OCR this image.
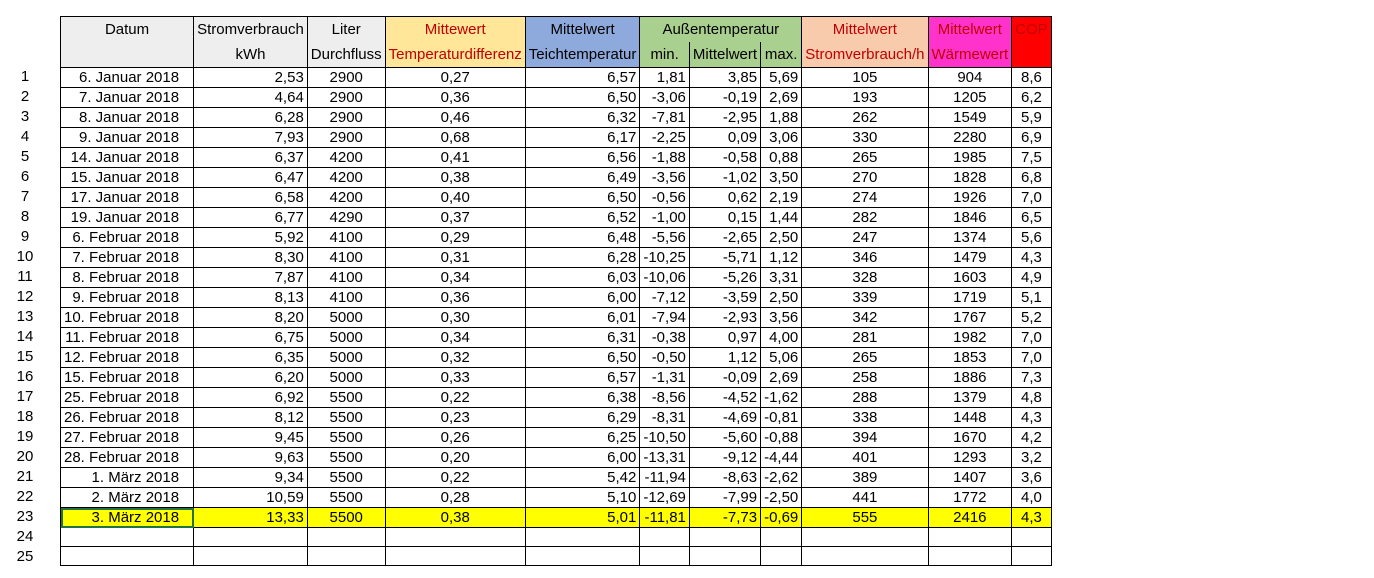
1
2
3
4
5
6
7
8
9
10
11
12
13
14
15
16
17
18
19
20
21
22
23
24
25
Datum	Stromverbrauch	Liter	Mittewert	Mittelwert	Außentemperatur			Mittelwert	Mittelwert	COP
	kWh	Durchfluss	Temperaturdifferenz	Teichtemperatur	min.	Mittelwert	max.	Stromverbrauch/h	Wärmewert	
6. Januar 2018	2,53	2900	0,27	6,57	1,81	3,85	5,69	105	904	8,6
7. Januar 2018	4,64	2900	0,36	6,50	-3,06	-0,19	2,69	193	1205	6,2
8. Januar 2018	6,28	2900	0,46	6,32	-7,81	-2,95	1,88	262	1549	5,9
9. Januar 2018	7,93	2900	0,68	6,17	-2,25	0,09	3,06	330	2280	6,9
14. Januar 2018	6,37	4200	0,41	6,56	-1,88	-0,58	0,88	265	1985	7,5
15. Januar 2018	6,47	4200	0,38	6,49	-3,56	-1,02	3,50	270	1828	6,8
17. Januar 2018	6,58	4200	0,40	6,50	-0,56	0,62	2,19	274	1926	7,0
19. Januar 2018	6,77	4290	0,37	6,52	-1,00	0,15	1,44	282	1846	6,5
6. Februar 2018	5,92	4100	0,29	6,48	-5,56	-2,65	2,50	247	1374	5,6
7. Februar 2018	8,30	4100	0,31	6,28	-10,25	-5,71	1,12	346	1479	4,3
8. Februar 2018	7,87	4100	0,34	6,03	-10,06	-5,26	3,31	328	1603	4,9
9. Februar 2018	8,13	4100	0,36	6,00	-7,12	-3,59	2,50	339	1719	5,1
10. Februar 2018	8,20	5000	0,30	6,01	-7,94	-2,93	3,56	342	1767	5,2
11. Februar 2018	6,75	5000	0,34	6,31	-0,38	0,97	4,00	281	1982	7,0
12. Februar 2018	6,35	5000	0,32	6,50	-0,50	1,12	5,06	265	1853	7,0
15. Februar 2018	6,20	5000	0,33	6,57	-1,31	-0,09	2,69	258	1886	7,3
25. Februar 2018	6,92	5500	0,22	6,38	-8,56	-4,52	-1,62	288	1379	4,8
26. Februar 2018	8,12	5500	0,23	6,29	-8,31	-4,69	-0,81	338	1448	4,3
27. Februar 2018	9,45	5500	0,26	6,25	-10,50	-5,60	-0,88	394	1670	4,2
28. Februar 2018	9,63	5500	0,20	6,00	-13,31	-9,12	-4,44	401	1293	3,2
1. März 2018	9,34	5500	0,22	5,42	-11,94	-8,63	-2,62	389	1407	3,6
2. März 2018	10,59	5500	0,28	5,10	-12,69	-7,99	-2,50	441	1772	4,0
3. März 2018	13,33	5500	0,38	5,01	-11,81	-7,73	-0,69	555	2416	4,3
